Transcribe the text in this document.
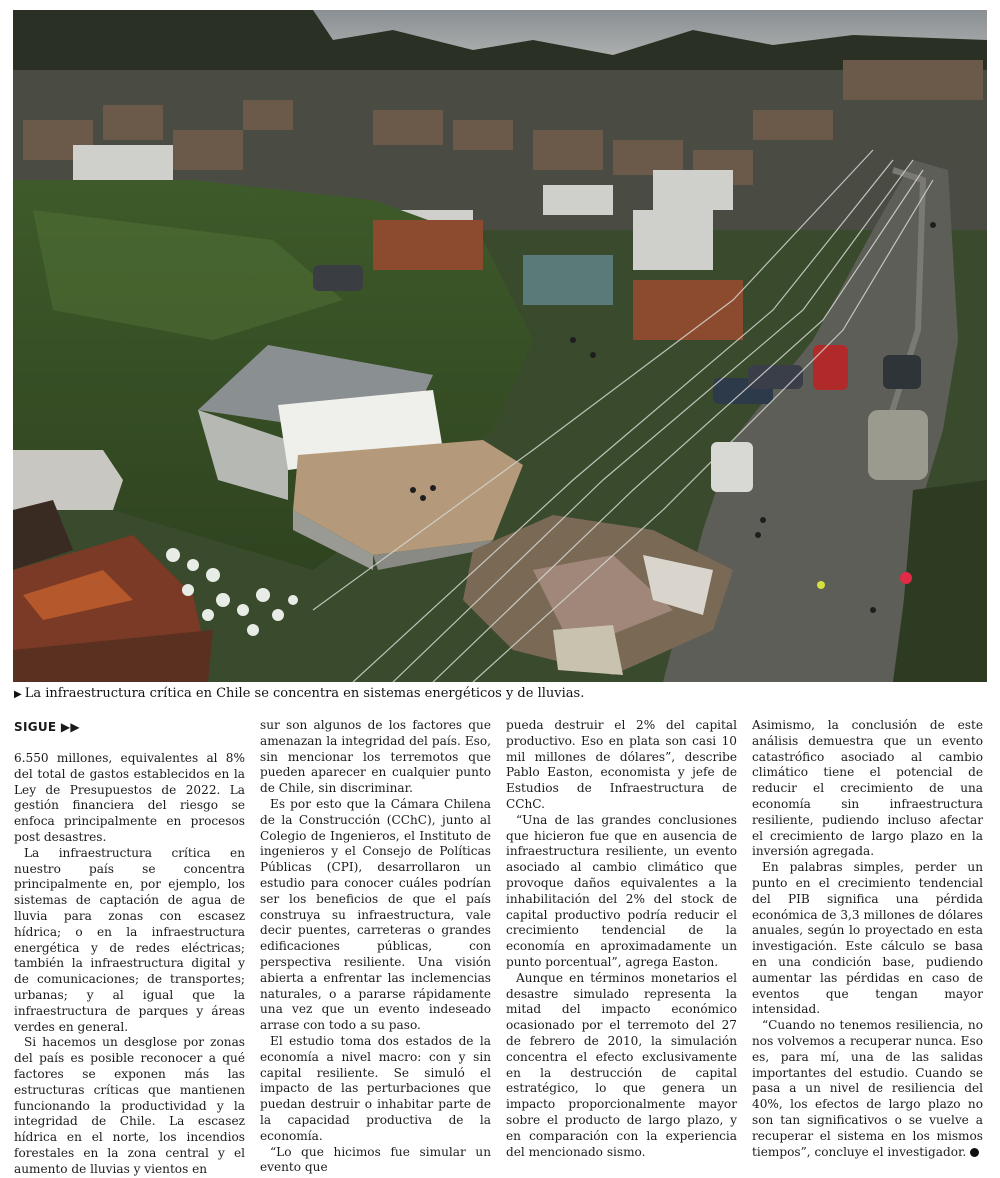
▶ La infraestructura crítica en Chile se concentra en sistemas energéticos y de lluvias.
SIGUE ▶▶

6.550 millones, equivalentes al 8% del total de gastos establecidos en la Ley de Presupuestos de 2022. La gestión financiera del riesgo se enfoca principalmente en procesos post desastres.

La infraestructura crítica en nuestro país se concentra principalmente en, por ejemplo, los sistemas de captación de agua de lluvia para zonas con escasez hídrica; o en la infraestructura energética y de redes eléctricas; también la infraestructura digital y de comunicaciones; de transportes; urbanas; y al igual que la infraestructura de parques y áreas verdes en general.

Si hacemos un desglose por zonas del país es posible reconocer a qué factores se exponen más las estructuras críticas que mantienen funcionando la productividad y la integridad de Chile. La escasez hídrica en el norte, los incendios forestales en la zona central y el aumento de lluvias y vientos en

sur son algunos de los factores que amenazan la integridad del país. Eso, sin mencionar los terremotos que pueden aparecer en cualquier punto de Chile, sin discriminar.

Es por esto que la Cámara Chilena de la Construcción (CChC), junto al Colegio de Ingenieros, el Instituto de ingenieros y el Consejo de Políticas Públicas (CPI), desarrollaron un estudio para conocer cuáles podrían ser los beneficios de que el país construya su infraestructura, vale decir puentes, carreteras o grandes edificaciones públicas, con perspectiva resiliente. Una visión abierta a enfrentar las inclemencias naturales, o a pararse rápidamente una vez que un evento indeseado arrase con todo a su paso.

El estudio toma dos estados de la economía a nivel macro: con y sin capital resiliente. Se simuló el impacto de las perturbaciones que puedan destruir o inhabitar parte de la capacidad productiva de la economía.

“Lo que hicimos fue simular un evento que

pueda destruir el 2% del capital productivo. Eso en plata son casi 10 mil millones de dólares”, describe Pablo Easton, economista y jefe de Estudios de Infraestructura de CChC.

“Una de las grandes conclusiones que hicieron fue que en ausencia de infraestructura resiliente, un evento asociado al cambio climático que provoque daños equivalentes a la inhabilitación del 2% del stock de capital productivo podría reducir el crecimiento tendencial de la economía en aproximadamente un punto porcentual”, agrega Easton.

Aunque en términos monetarios el desastre simulado representa la mitad del impacto económico ocasionado por el terremoto del 27 de febrero de 2010, la simulación concentra el efecto exclusivamente en la destrucción de capital estratégico, lo que genera un impacto proporcionalmente mayor sobre el producto de largo plazo, y en comparación con la experiencia del mencionado sismo.

Asimismo, la conclusión de este análisis demuestra que un evento catastrófico asociado al cambio climático tiene el potencial de reducir el crecimiento de una economía sin infraestructura resiliente, pudiendo incluso afectar el crecimiento de largo plazo en la inversión agregada.

En palabras simples, perder un punto en el crecimiento tendencial del PIB significa una pérdida económica de 3,3 millones de dólares anuales, según lo proyectado en esta investigación. Este cálculo se basa en una condición base, pudiendo aumentar las pérdidas en caso de eventos que tengan mayor intensidad.

“Cuando no tenemos resiliencia, no nos volvemos a recuperar nunca. Eso es, para mí, una de las salidas importantes del estudio. Cuando se pasa a un nivel de resiliencia del 40%, los efectos de largo plazo no son tan significativos o se vuelve a recuperar el sistema en los mismos tiempos”, concluye el investigador.
